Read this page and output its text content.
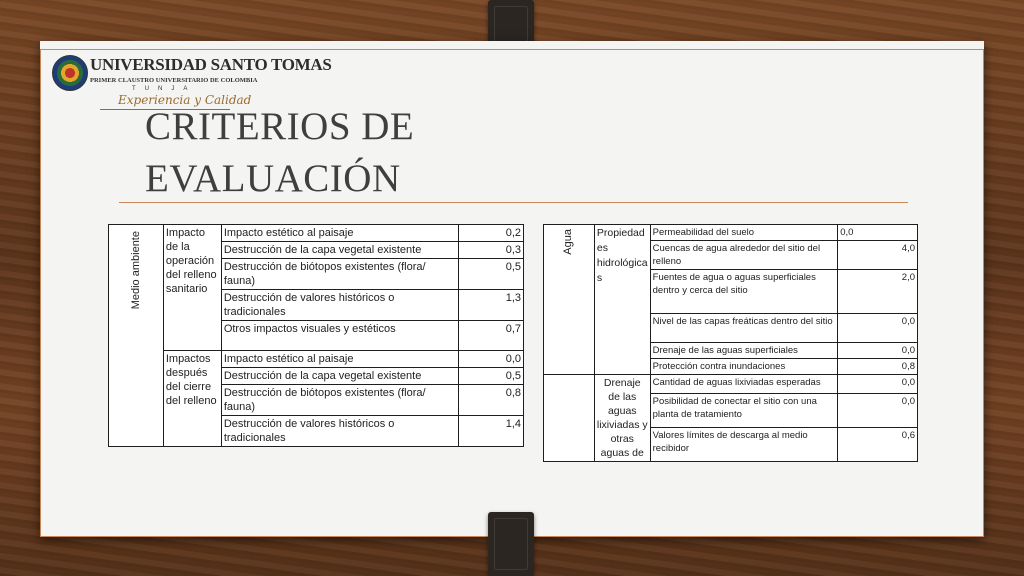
UNIVERSIDAD SANTO TOMAS
PRIMER CLAUSTRO UNIVERSITARIO DE COLOMBIA
TUNJA
Experiencia y Calidad
CRITERIOS DE EVALUACIÓN
Medio ambiente	Impacto de la operación del relleno sanitario	Impacto estético al paisaje	0,2
		Destrucción de la capa vegetal existente	0,3
		Destrucción de biótopos existentes (flora/ fauna)	0,5
		Destrucción de valores históricos o tradicionales	1,3
		Otros impactos visuales y estéticos	0,7
	Impactos después del cierre del relleno	Impacto estético al paisaje	0,0
		Destrucción de la capa vegetal existente	0,5
		Destrucción de biótopos existentes (flora/ fauna)	0,8
		Destrucción de valores históricos o tradicionales	1,4
Agua	Propiedad es hidrológica s	Permeabilidad del suelo	0,0
		Cuencas de agua alrededor del sitio del relleno	4,0
		Fuentes de agua o aguas superficiales dentro y cerca del sitio	2,0
		Nivel de las capas freáticas dentro del sitio	0,0
		Drenaje de las aguas superficiales	0,0
		Protección contra inundaciones	0,8
	Drenaje de las aguas lixiviadas y otras aguas de	Cantidad de aguas lixiviadas esperadas	0,0
		Posibilidad de conectar el sitio con una planta de tratamiento	0,0
		Valores límites de descarga al medio recibidor	0,6
